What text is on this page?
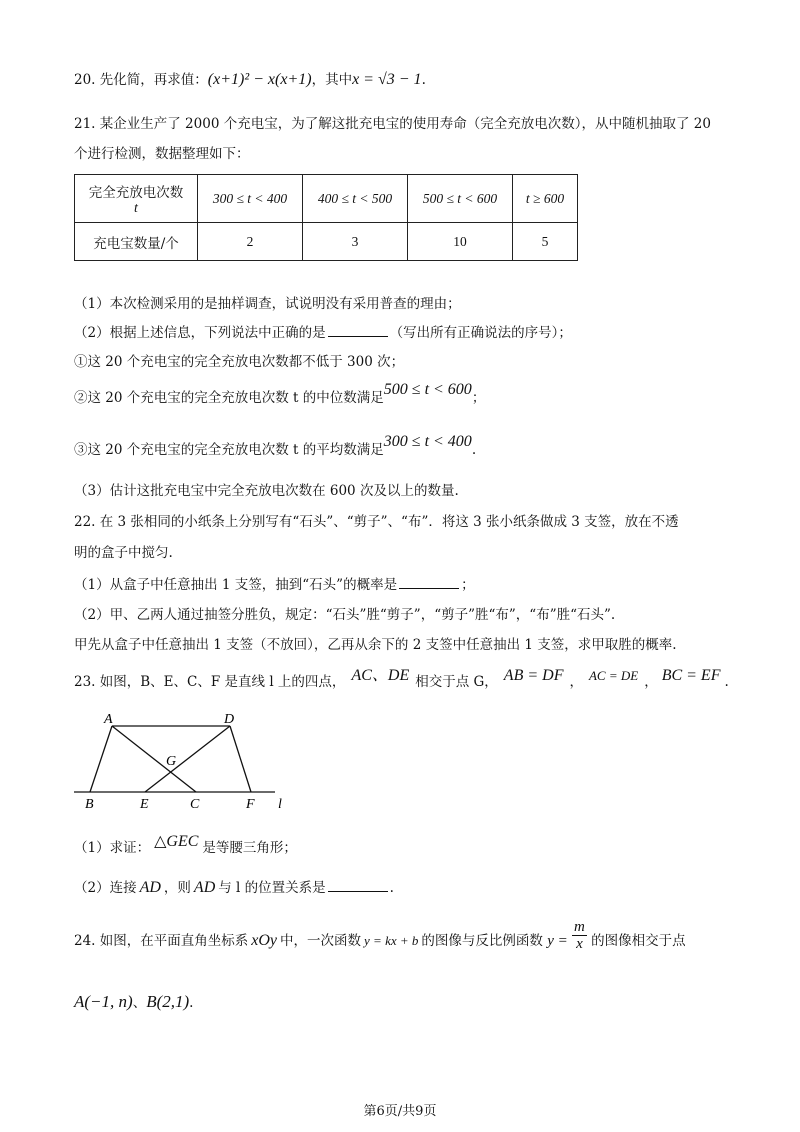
20. 先化简，再求值：(x+1)² − x(x+1)，其中x = √3 − 1.
21. 某企业生产了 2000 个充电宝，为了解这批充电宝的使用寿命（完全充放电次数），从中随机抽取了 20
个进行检测，数据整理如下：
完全充放电次数
t	300 ≤ t < 400	400 ≤ t < 500	500 ≤ t < 600	t ≥ 600
充电宝数量/个	2	3	10	5
（1）本次检测采用的是抽样调查，试说明没有采用普查的理由；
（2）根据上述信息，下列说法中正确的是	（写出所有正确说法的序号）；
①这 20 个充电宝的完全充放电次数都不低于 300 次；
②这 20 个充电宝的完全充放电次数 t 的中位数满足500 ≤ t < 600；
③这 20 个充电宝的完全充放电次数 t 的平均数满足300 ≤ t < 400.
（3）估计这批充电宝中完全充放电次数在 600 次及以上的数量.
22. 在 3 张相同的小纸条上分别写有“石头”、“剪子”、“布”．将这 3 张小纸条做成 3 支签，放在不透
明的盒子中搅匀.
（1）从盒子中任意抽出 1 支签，抽到“石头”的概率是	；
（2）甲、乙两人通过抽签分胜负，规定：“石头”胜“剪子”，“剪子”胜“布”，“布”胜“石头”.
甲先从盒子中任意抽出 1 支签（不放回），乙再从余下的 2 支签中任意抽出 1 支签，求甲取胜的概率.
23. 如图，B、E、C、F 是直线 l 上的四点， AC、DE 相交于点 G， AB = DF ， AC = DE ， BC = EF .
A	D
G
B	E	C	F l
（1）求证： △GEC 是等腰三角形；
（2）连接 AD ，则 AD 与 l 的位置关系是	.
24. 如图，在平面直角坐标系 xOy 中，一次函数 y = kx + b 的图像与反比例函数 $y = \frac{m}{x}$ 的图像相交于点
A(−1, n)、B(2,1).
第6页/共9页
